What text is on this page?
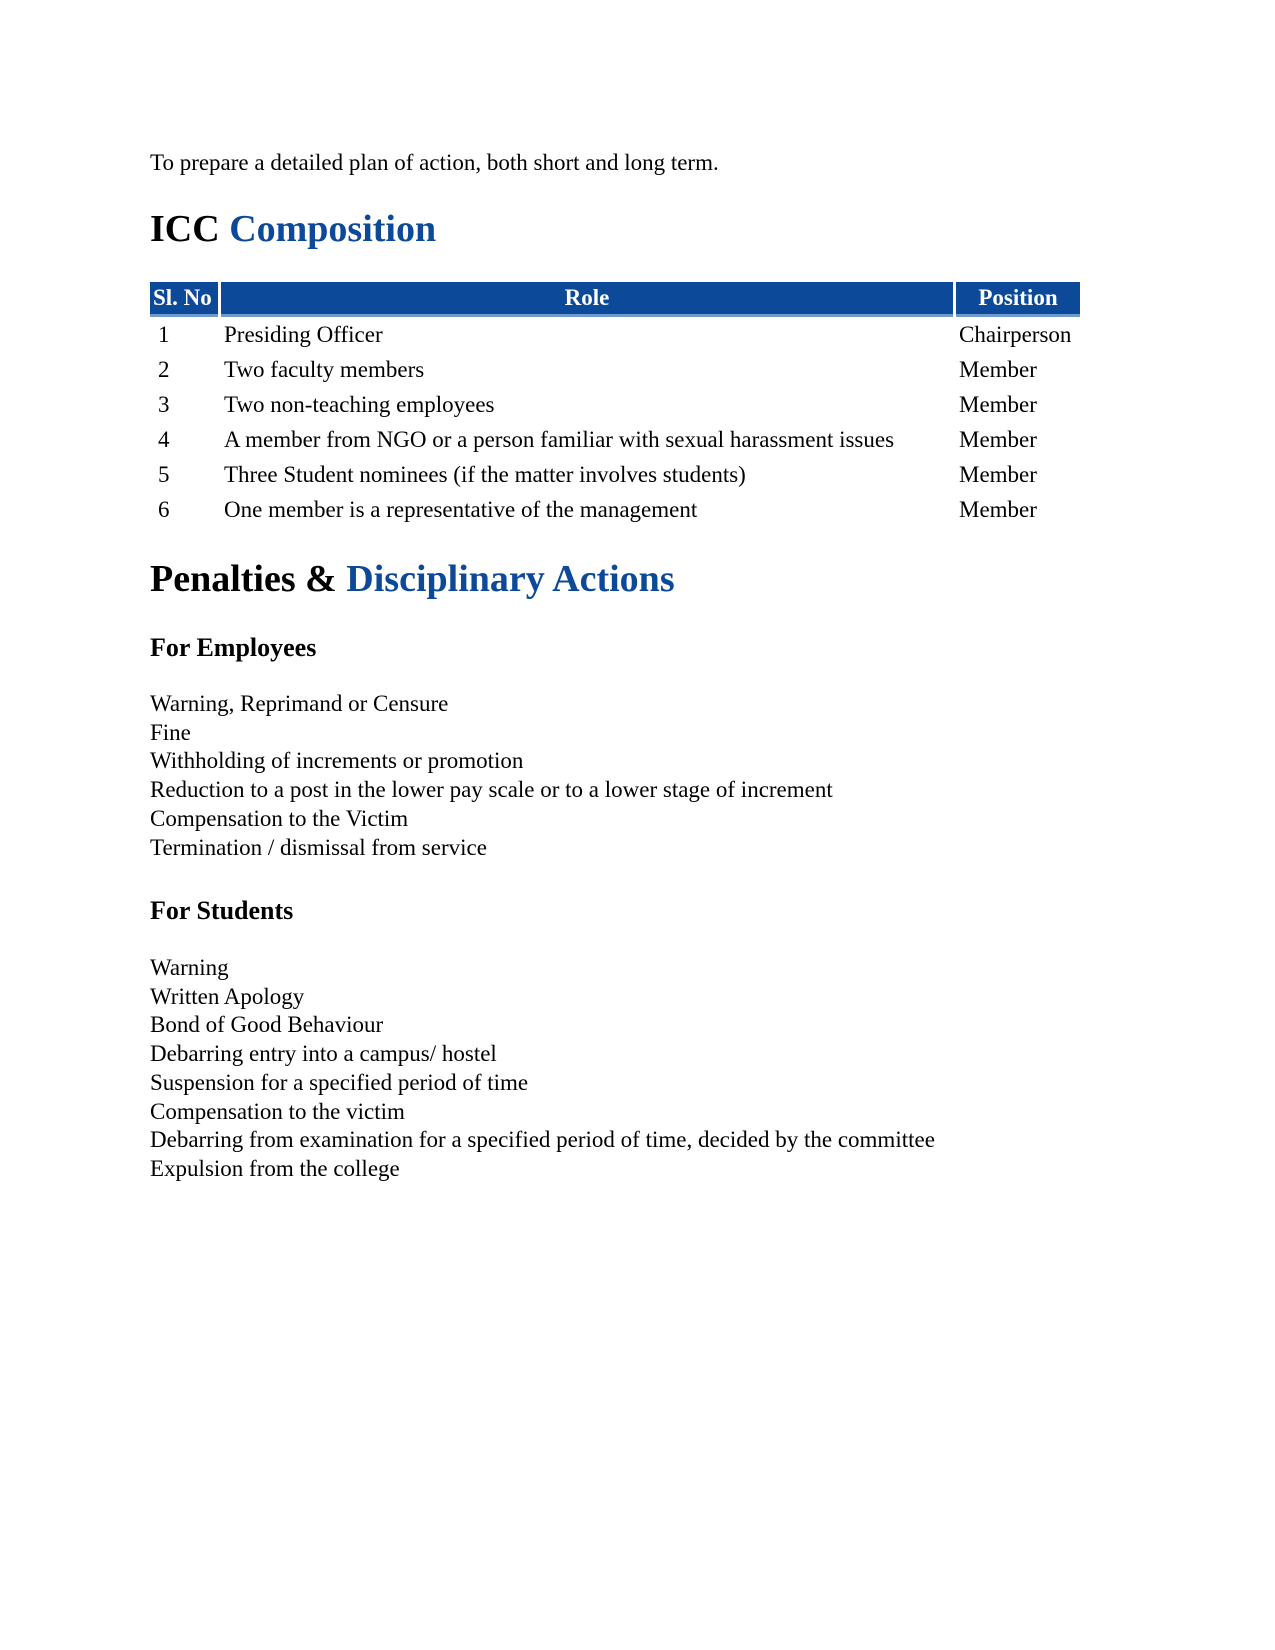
To prepare a detailed plan of action, both short and long term.
ICC Composition
Sl. No	Role	Position
1	Presiding Officer	Chairperson
2	Two faculty members	Member
3	Two non-teaching employees	Member
4	A member from NGO or a person familiar with sexual harassment issues	Member
5	Three Student nominees (if the matter involves students)	Member
6	One member is a representative of the management	Member
Penalties & Disciplinary Actions
For Employees
Warning, Reprimand or Censure
Fine
Withholding of increments or promotion
Reduction to a post in the lower pay scale or to a lower stage of increment
Compensation to the Victim
Termination / dismissal from service
For Students
Warning
Written Apology
Bond of Good Behaviour
Debarring entry into a campus/ hostel
Suspension for a specified period of time
Compensation to the victim
Debarring from examination for a specified period of time, decided by the committee
Expulsion from the college
